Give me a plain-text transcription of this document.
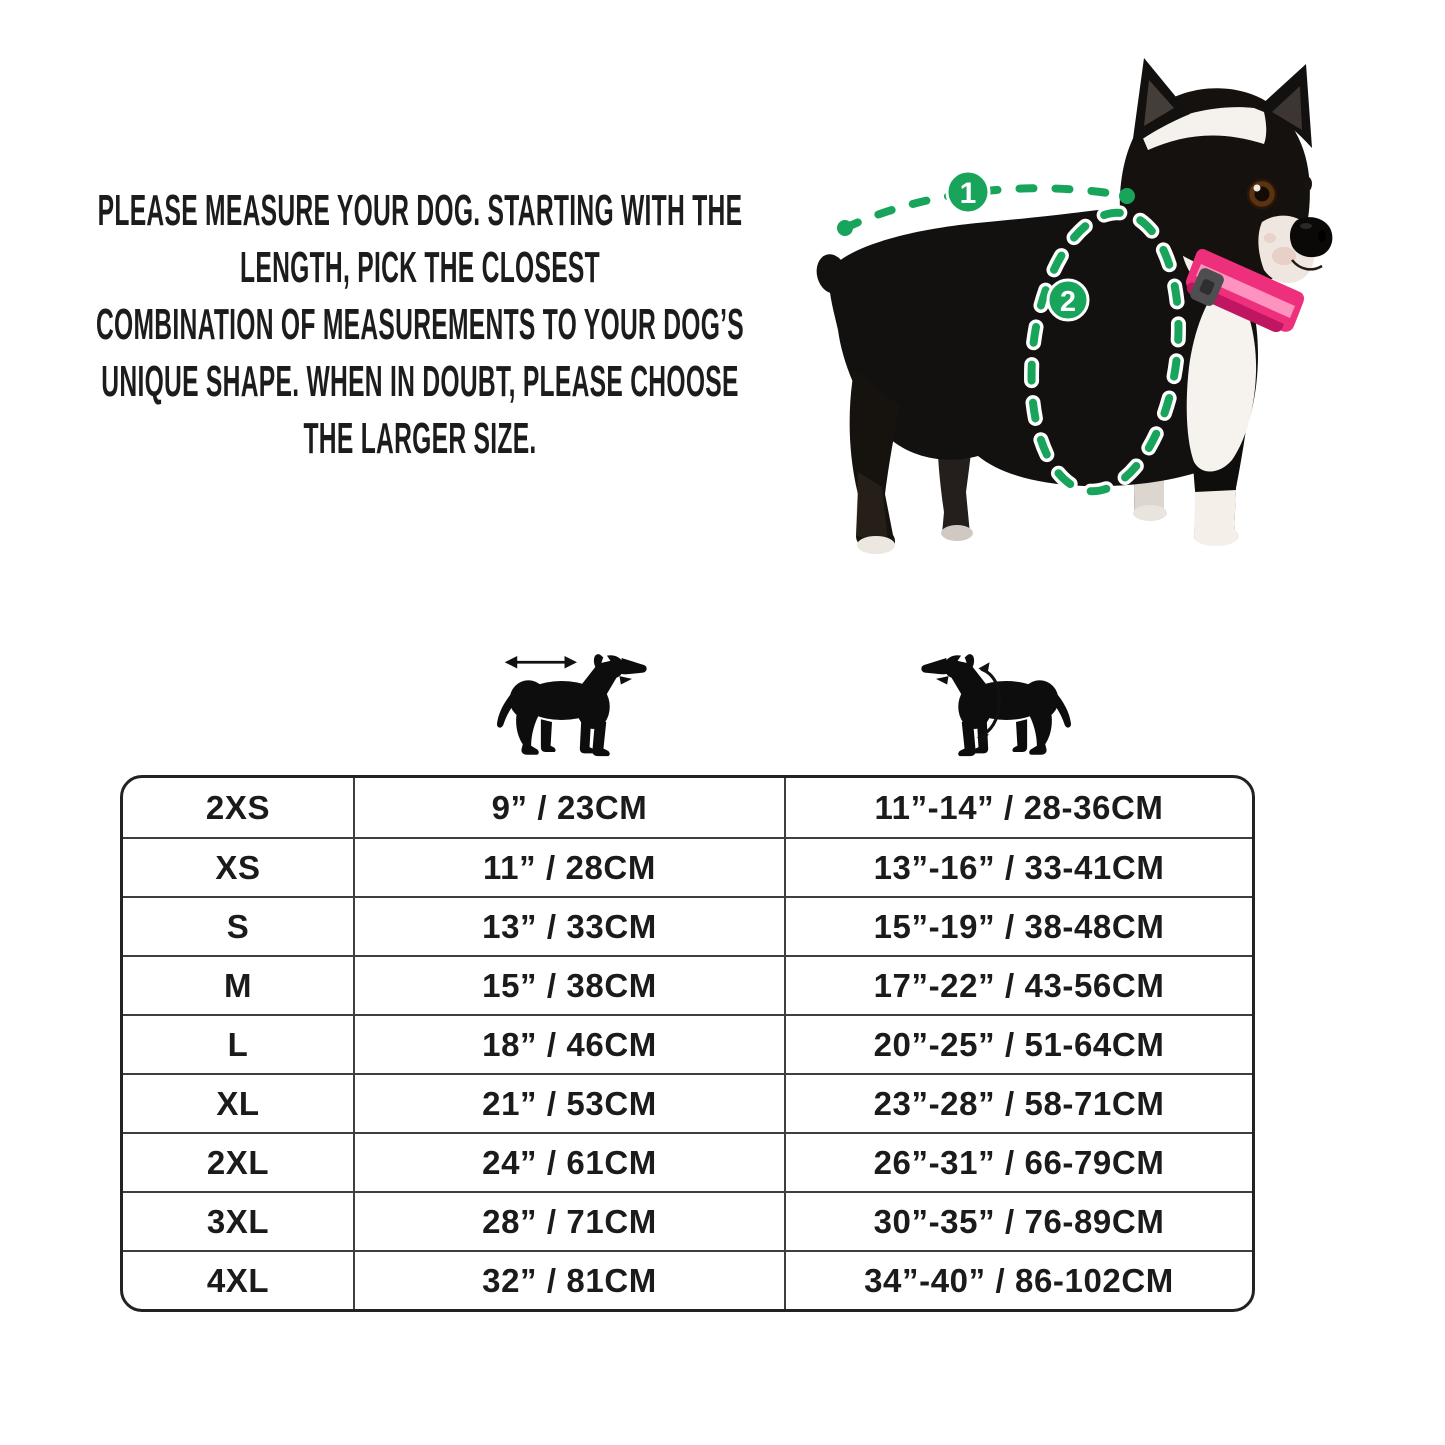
PLEASE MEASURE YOUR DOG. STARTING WITH THE
LENGTH, PICK THE CLOSEST
COMBINATION OF MEASUREMENTS TO YOUR DOG’S
UNIQUE SHAPE. WHEN IN DOUBT, PLEASE CHOOSE
THE LARGER SIZE.
1
2
2XS	9” / 23CM	11”-14” / 28-36CM
XS	11” / 28CM	13”-16” / 33-41CM
S	13” / 33CM	15”-19” / 38-48CM
M	15” / 38CM	17”-22” / 43-56CM
L	18” / 46CM	20”-25” / 51-64CM
XL	21” / 53CM	23”-28” / 58-71CM
2XL	24” / 61CM	26”-31” / 66-79CM
3XL	28” / 71CM	30”-35” / 76-89CM
4XL	32” / 81CM	34”-40” / 86-102CM
